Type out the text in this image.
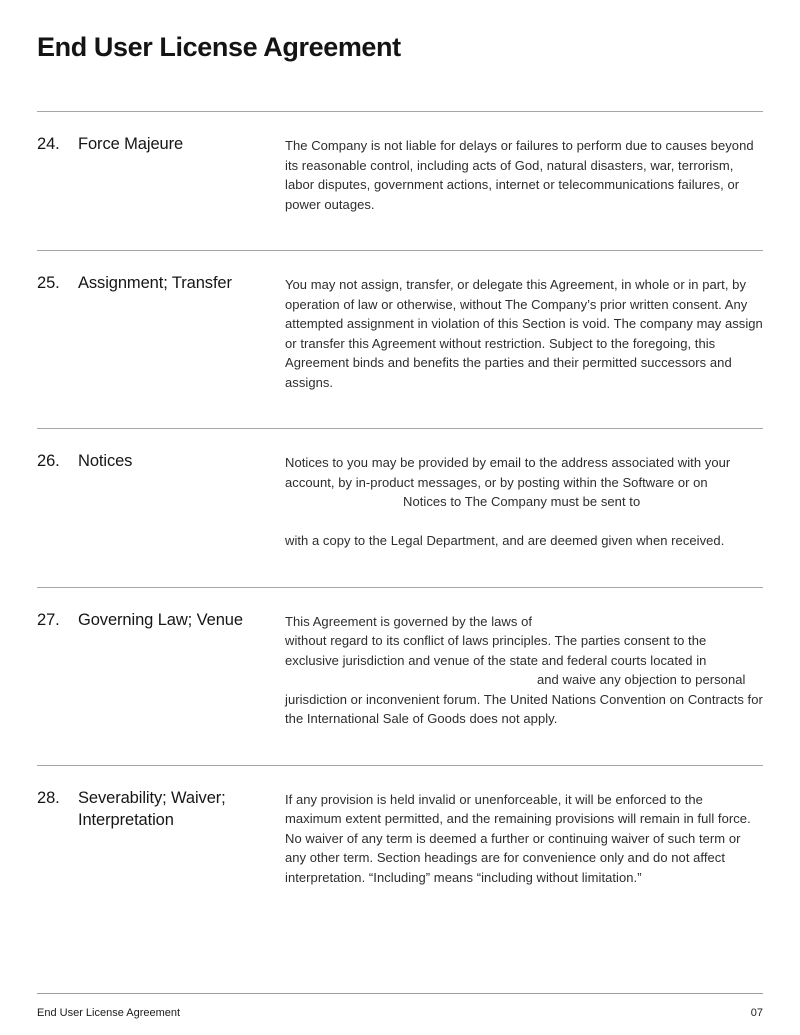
End User License Agreement
24.	Force Majeure	The Company is not liable for delays or failures to perform due to causes beyond its reasonable control, including acts of God, natural disasters, war, terrorism, labor disputes, government actions, internet or telecommunications failures, or power outages.
25.	Assignment; Transfer	You may not assign, transfer, or delegate this Agreement, in whole or in part, by operation of law or otherwise, without The Company’s prior written consent. Any attempted assignment in violation of this Section is void. The company may assign or transfer this Agreement without restriction. Subject to the foregoing, this Agreement binds and benefits the parties and their permitted successors and assigns.
26.	Notices	Notices to you may be provided by email to the address associated with your account, by in-product messages, or by posting within the Software or on
Notices to The Company must be sent to
with a copy to the Legal Department, and are deemed given when received.
27.	Governing Law; Venue	This Agreement is governed by the laws of
without regard to its conflict of laws principles. The parties consent to the exclusive jurisdiction and venue of the state and federal courts located in
and waive any objection to personal jurisdiction or inconvenient forum. The United Nations Convention on Contracts for the International Sale of Goods does not apply.
28.	Severability; Waiver; Interpretation
If any provision is held invalid or unenforceable, it will be enforced to the maximum extent permitted, and the remaining provisions will remain in full force. No waiver of any term is deemed a further or continuing waiver of such term or any other term. Section headings are for convenience only and do not affect interpretation. “Including” means “including without limitation.”
End User License Agreement	07
